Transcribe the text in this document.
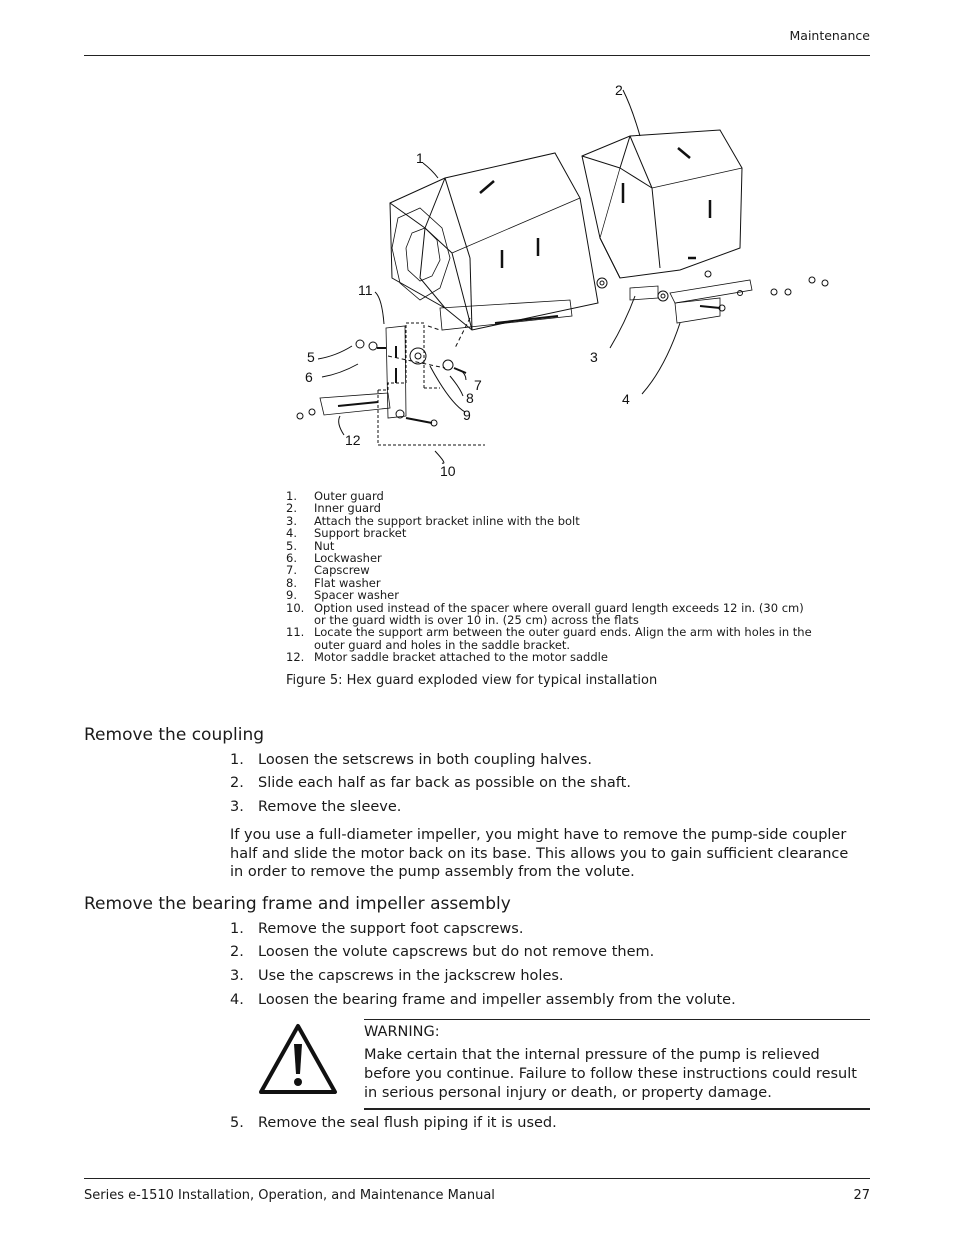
Maintenance
1
2
3
4
5
6	7
8
9
10
11
12
1.	Outer guard
2.	Inner guard
3.	Attach the support bracket inline with the bolt
4.	Support bracket
5.	Nut
6.	Lockwasher
7.	Capscrew
8.	Flat washer
9.	Spacer washer
10. Option used instead of the spacer where overall guard length exceeds 12 in. (30 cm) or the guard width is over 10 in. (25 cm) across the flats
11. Locate the support arm between the outer guard ends. Align the arm with holes in the outer guard and holes in the saddle bracket.
12. Motor saddle bracket attached to the motor saddle
Figure 5: Hex guard exploded view for typical installation
Remove the coupling
1. Loosen the setscrews in both coupling halves.
2. Slide each half as far back as possible on the shaft.
3. Remove the sleeve.

If you use a full-diameter impeller, you might have to remove the pump-side coupler half and slide the motor back on its base. This allows you to gain sufficient clearance in order to remove the pump assembly from the volute.

Remove the bearing frame and impeller assembly
1. Remove the support foot capscrews.
2. Loosen the volute capscrews but do not remove them.
3. Use the capscrews in the jackscrew holes.
4. Loosen the bearing frame and impeller assembly from the volute.
WARNING:
Make certain that the internal pressure of the pump is relieved before you continue. Failure to follow these instructions could result in serious personal injury or death, or property damage.
5. Remove the seal flush piping if it is used.
Series e-1510 Installation, Operation, and Maintenance Manual	27
